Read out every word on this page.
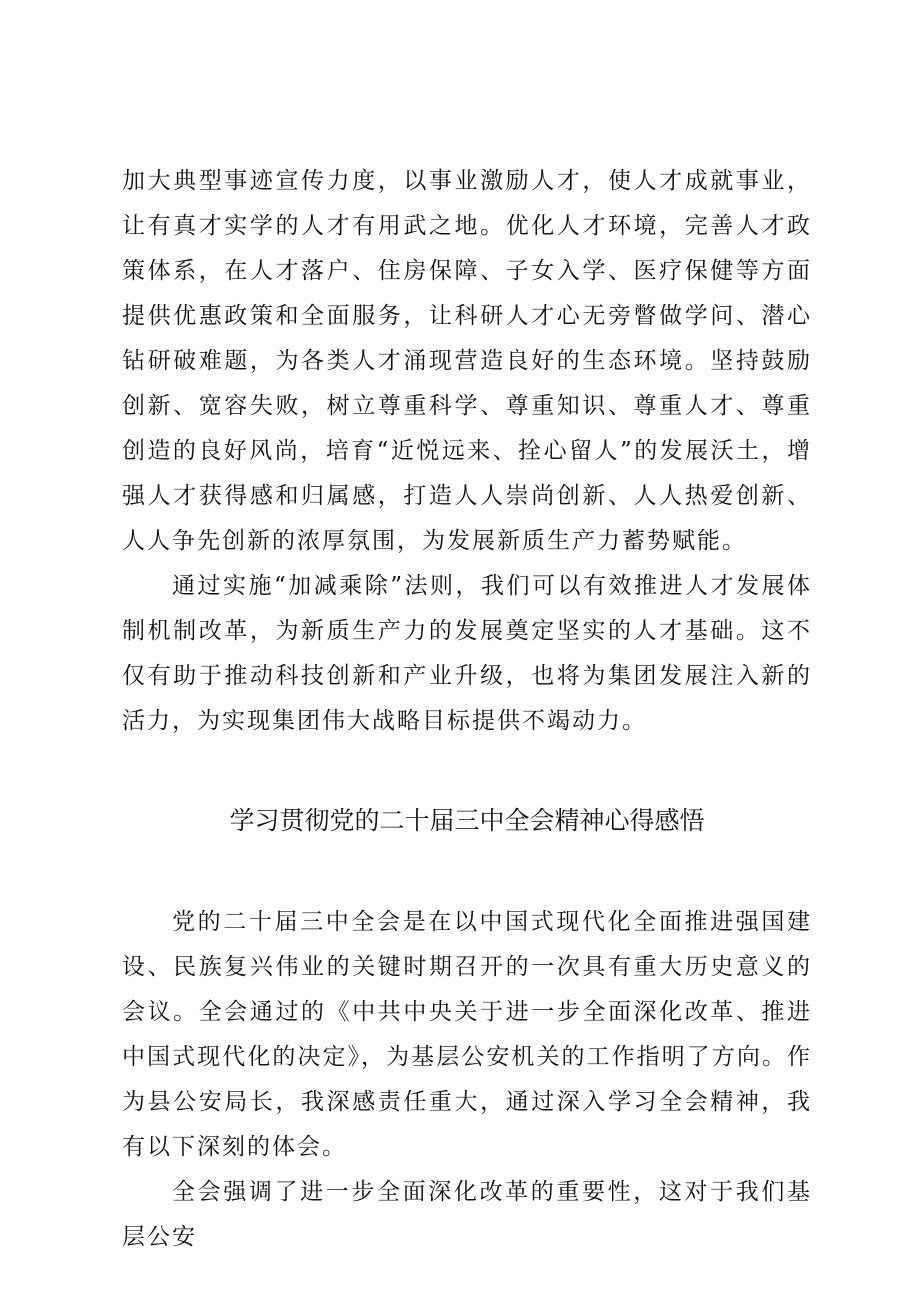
加大典型事迹宣传力度，以事业激励人才，使人才成就事业，让有真才实学的人才有用武之地。优化人才环境，完善人才政策体系，在人才落户、住房保障、子女入学、医疗保健等方面提供优惠政策和全面服务，让科研人才心无旁瞥做学问、潜心钻研破难题，为各类人才涌现营造良好的生态环境。坚持鼓励创新、宽容失败，树立尊重科学、尊重知识、尊重人才、尊重创造的良好风尚，培育“近悦远来、拴心留人”的发展沃土，增强人才获得感和归属感，打造人人崇尚创新、人人热爱创新、人人争先创新的浓厚氛围，为发展新质生产力蓄势赋能。

通过实施“加减乘除”法则，我们可以有效推进人才发展体制机制改革，为新质生产力的发展奠定坚实的人才基础。这不仅有助于推动科技创新和产业升级，也将为集团发展注入新的活力，为实现集团伟大战略目标提供不竭动力。

学习贯彻党的二十届三中全会精神心得感悟

党的二十届三中全会是在以中国式现代化全面推进强国建设、民族复兴伟业的关键时期召开的一次具有重大历史意义的会议。全会通过的《中共中央关于进一步全面深化改革、推进中国式现代化的决定》，为基层公安机关的工作指明了方向。作为县公安局长，我深感责任重大，通过深入学习全会精神，我有以下深刻的体会。

全会强调了进一步全面深化改革的重要性，这对于我们基层公安
